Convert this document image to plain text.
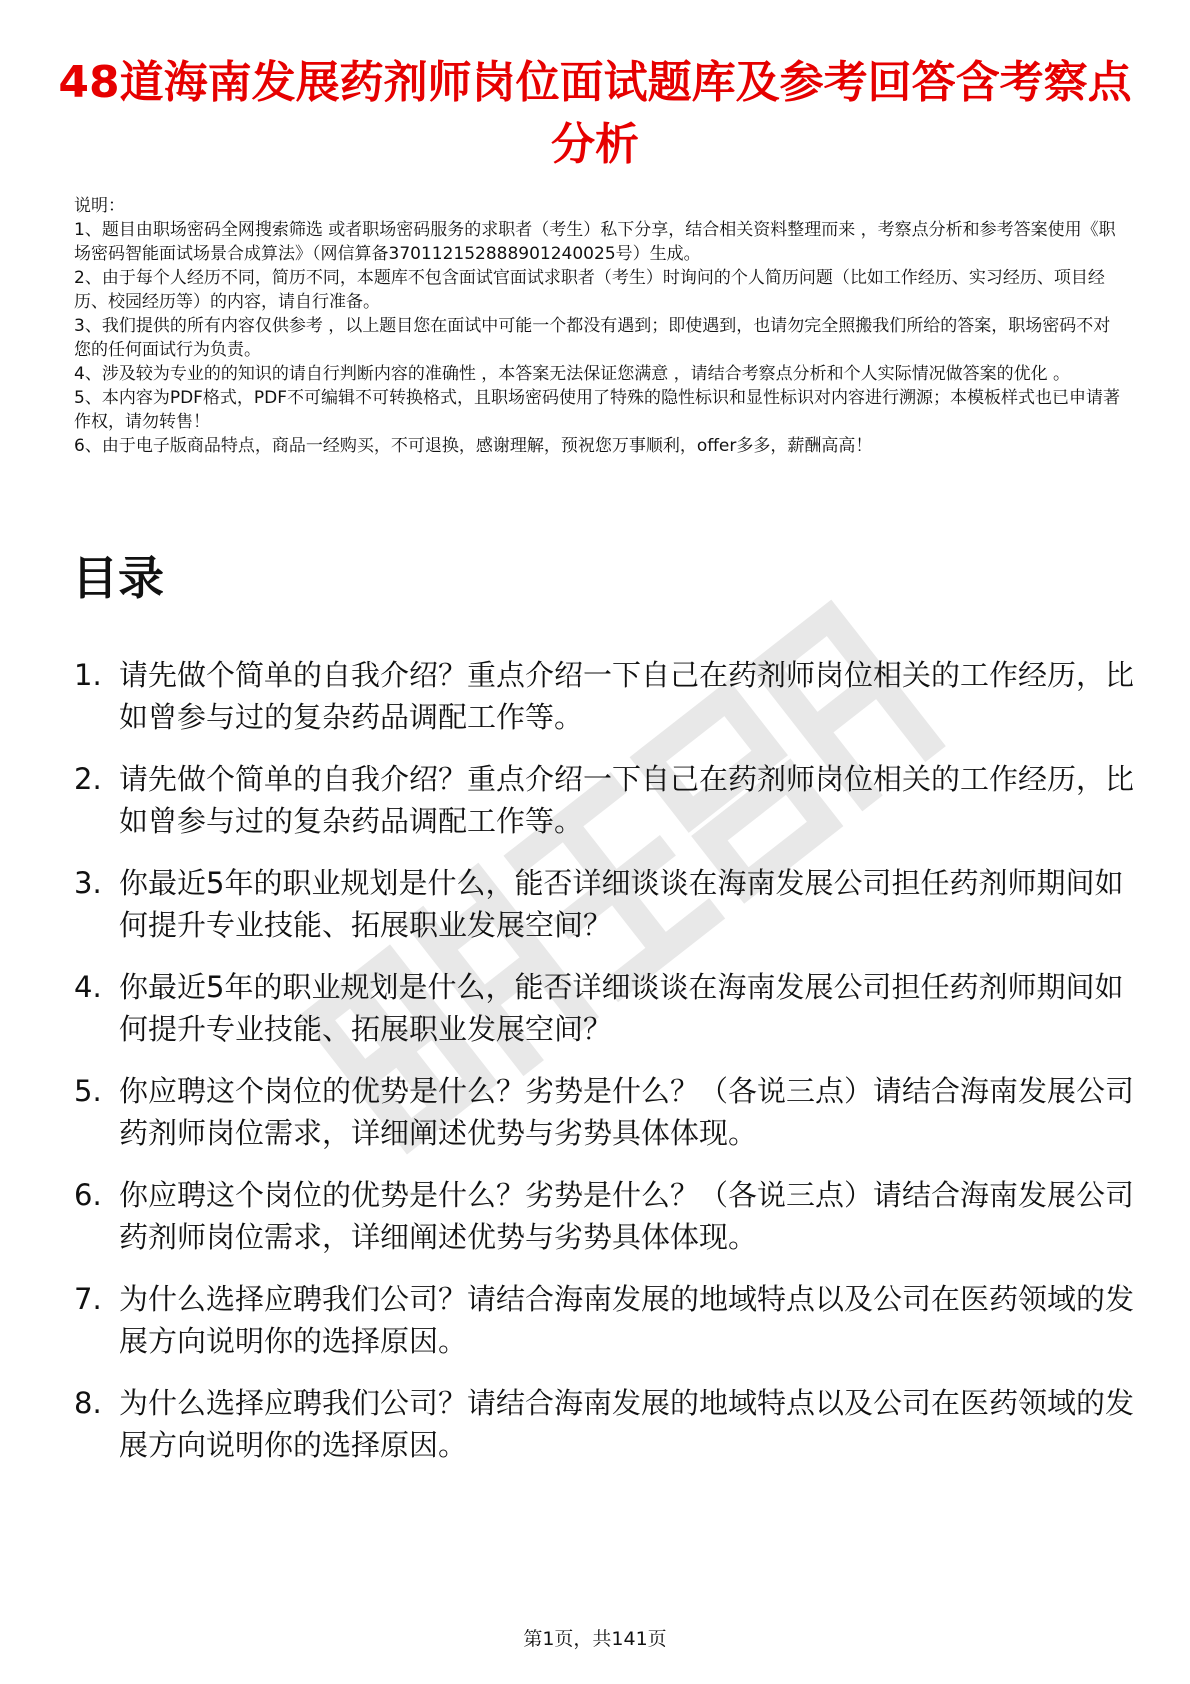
48道海南发展药剂师岗位面试题库及参考回答含考察点分析

说明：

1、题目由职场密码全网搜索筛选 或者职场密码服务的求职者（考生）私下分享，结合相关资料整理而来 ，考察点分析和参考答案使用《职场密码智能面试场景合成算法》（网信算备370112152888901240025号）生成。

2、由于每个人经历不同，简历不同，本题库不包含面试官面试求职者（考生）时询问的个人简历问题（比如工作经历、实习经历、项目经历、校园经历等）的内容，请自行准备。

3、我们提供的所有内容仅供参考 ，以上题目您在面试中可能一个都没有遇到；即使遇到，也请勿完全照搬我们所给的答案，职场密码不对您的任何面试行为负责。

4、涉及较为专业的的知识的请自行判断内容的准确性 ，本答案无法保证您满意 ，请结合考察点分析和个人实际情况做答案的优化 。

5、本内容为PDF格式，PDF不可编辑不可转换格式，且职场密码使用了特殊的隐性标识和显性标识对内容进行溯源；本模板样式也已申请著作权，请勿转售！

6、由于电子版商品特点，商品一经购买，不可退换，感谢理解，预祝您万事顺利，offer多多，薪酬高高！

目录
1. 请先做个简单的自我介绍？重点介绍一下自己在药剂师岗位相关的工作经历，比如曾参与过的复杂药品调配工作等。
2. 请先做个简单的自我介绍？重点介绍一下自己在药剂师岗位相关的工作经历，比如曾参与过的复杂药品调配工作等。
3. 你最近5年的职业规划是什么，能否详细谈谈在海南发展公司担任药剂师期间如何提升专业技能、拓展职业发展空间？
4. 你最近5年的职业规划是什么，能否详细谈谈在海南发展公司担任药剂师期间如何提升专业技能、拓展职业发展空间？
5. 你应聘这个岗位的优势是什么？劣势是什么？（各说三点）请结合海南发展公司药剂师岗位需求，详细阐述优势与劣势具体体现。
6. 你应聘这个岗位的优势是什么？劣势是什么？（各说三点）请结合海南发展公司药剂师岗位需求，详细阐述优势与劣势具体体现。
7. 为什么选择应聘我们公司？请结合海南发展的地域特点以及公司在医药领域的发展方向说明你的选择原因。
8. 为什么选择应聘我们公司？请结合海南发展的地域特点以及公司在医药领域的发展方向说明你的选择原因。
第1页，共141页
